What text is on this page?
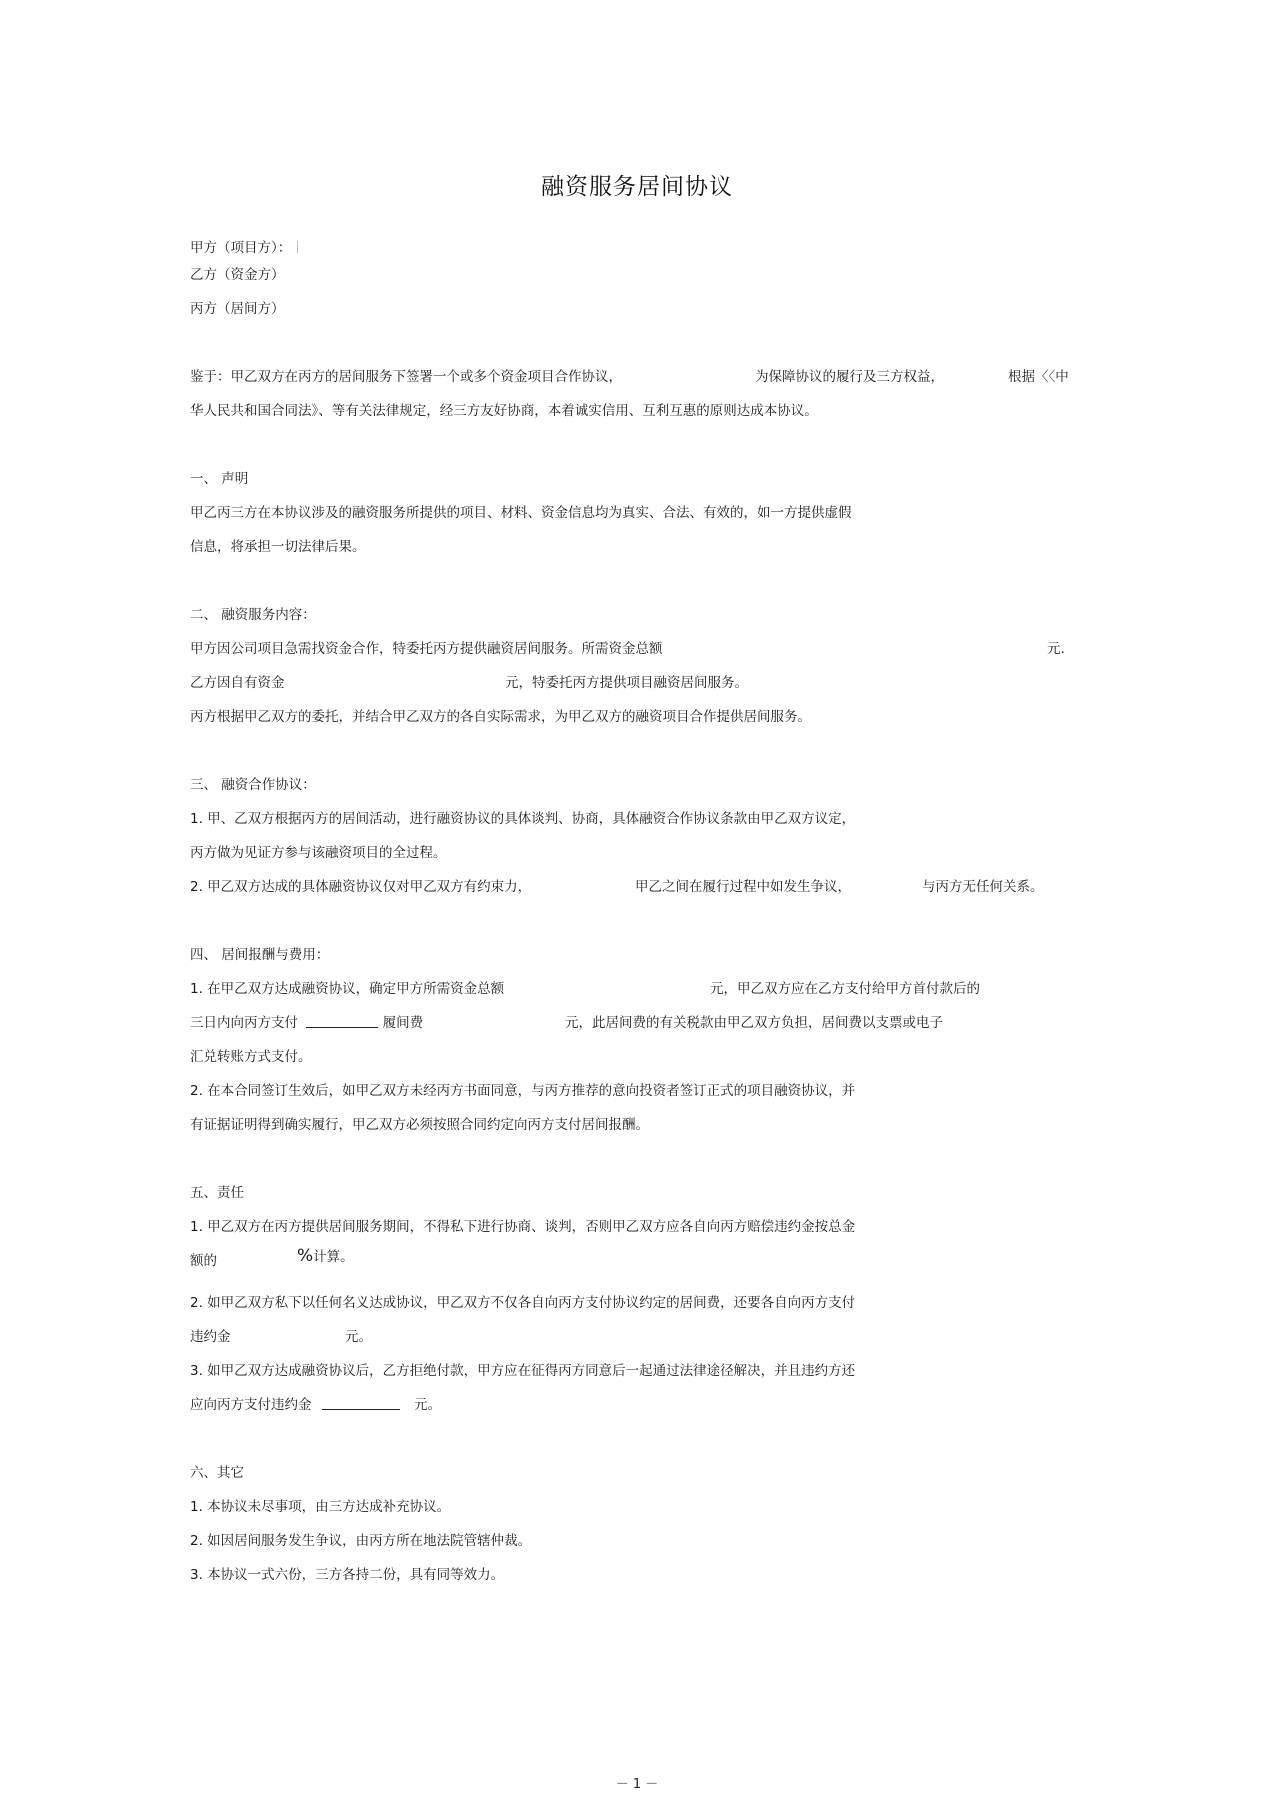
融资服务居间协议
甲方（项目方）：
乙方（资金方）
丙方（居间方）
鉴于：甲乙双方在丙方的居间服务下签署一个或多个资金项目合作协议，	为保障协议的履行及三方权益，	根据〈〈中
华人民共和国合同法》、等有关法律规定，经三方友好协商，本着诚实信用、互利互惠的原则达成本协议。
一、 声明
甲乙丙三方在本协议涉及的融资服务所提供的项目、材料、资金信息均为真实、合法、有效的，如一方提供虚假
信息，将承担一切法律后果。
二、 融资服务内容：
甲方因公司项目急需找资金合作，特委托丙方提供融资居间服务。所需资金总额	元.
乙方因自有资金	元，特委托丙方提供项目融资居间服务。
丙方根据甲乙双方的委托，并结合甲乙双方的各自实际需求，为甲乙双方的融资项目合作提供居间服务。
三、 融资合作协议：
1. 甲、乙双方根据丙方的居间活动，进行融资协议的具体谈判、协商，具体融资合作协议条款由甲乙双方议定，
丙方做为见证方参与该融资项目的全过程。
2. 甲乙双方达成的具体融资协议仅对甲乙双方有约束力，	甲乙之间在履行过程中如发生争议，	与丙方无任何关系。
四、 居间报酬与费用：
1. 在甲乙双方达成融资协议，确定甲方所需资金总额	元，甲乙双方应在乙方支付给甲方首付款后的
三日内向丙方支付	履间费	元，此居间费的有关税款由甲乙双方负担，居间费以支票或电子
汇兑转账方式支付。
2. 在本合同签订生效后，如甲乙双方未经丙方书面同意，与丙方推荐的意向投资者签订正式的项目融资协议，并
有证据证明得到确实履行，甲乙双方必须按照合同约定向丙方支付居间报酬。
五、责任
1. 甲乙双方在丙方提供居间服务期间，不得私下进行协商、谈判，否则甲乙双方应各自向丙方赔偿违约金按总金
额的	%计算。
2. 如甲乙双方私下以任何名义达成协议，甲乙双方不仅各自向丙方支付协议约定的居间费，还要各自向丙方支付
违约金	元。
3. 如甲乙双方达成融资协议后，乙方拒绝付款，甲方应在征得丙方同意后一起通过法律途径解决，并且违约方还
应向丙方支付违约金	元。
六、其它
1. 本协议未尽事项，由三方达成补充协议。
2. 如因居间服务发生争议，由丙方所在地法院管辖仲裁。
3. 本协议一式六份，三方各持二份，具有同等效力。
－ 1 －
